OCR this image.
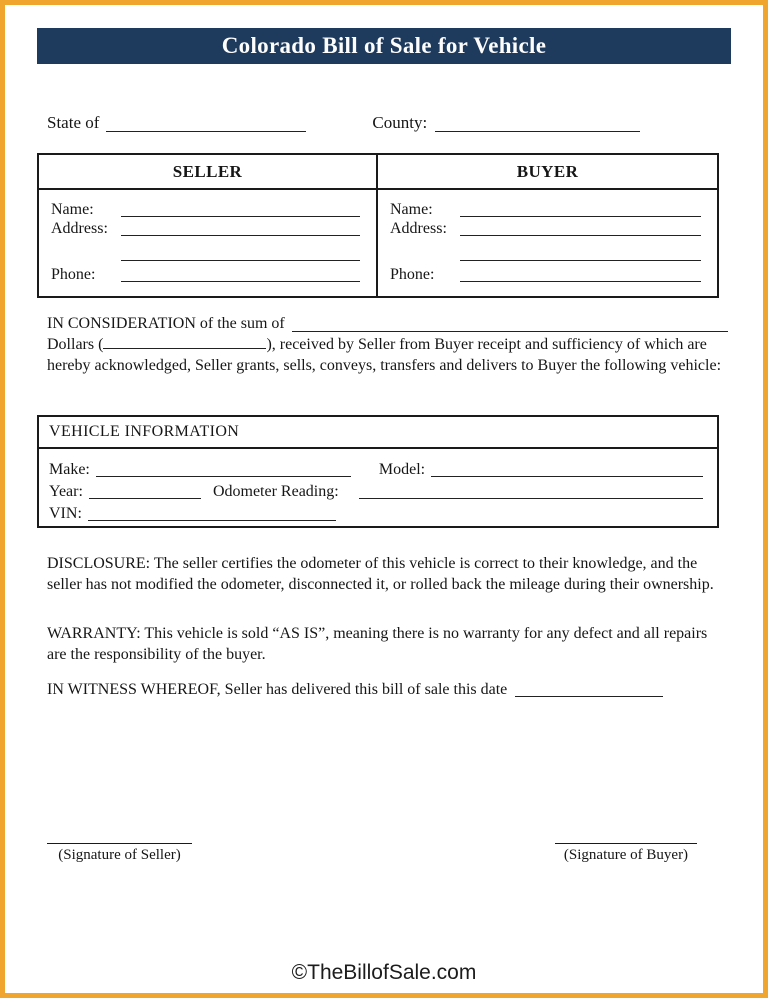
Colorado Bill of Sale for Vehicle
State of	County:
SELLER
Name:
Address:
Phone:
BUYER
Name:
Address:
Phone:
IN CONSIDERATION of the sum of
Dollars (	), received by Seller from Buyer receipt and sufficiency of which are hereby acknowledged, Seller grants, sells, conveys, transfers and delivers to Buyer the following vehicle:
VEHICLE INFORMATION
Make:	Model:
Year:	Odometer Reading:
VIN:
DISCLOSURE: The seller certifies the odometer of this vehicle is correct to their knowledge, and the seller has not modified the odometer, disconnected it, or rolled back the mileage during their ownership.
WARRANTY: This vehicle is sold “AS IS”, meaning there is no warranty for any defect and all repairs are the responsibility of the buyer.
IN WITNESS WHEREOF, Seller has delivered this bill of sale this date
(Signature of Seller)	(Signature of Buyer)
©TheBillofSale.com
